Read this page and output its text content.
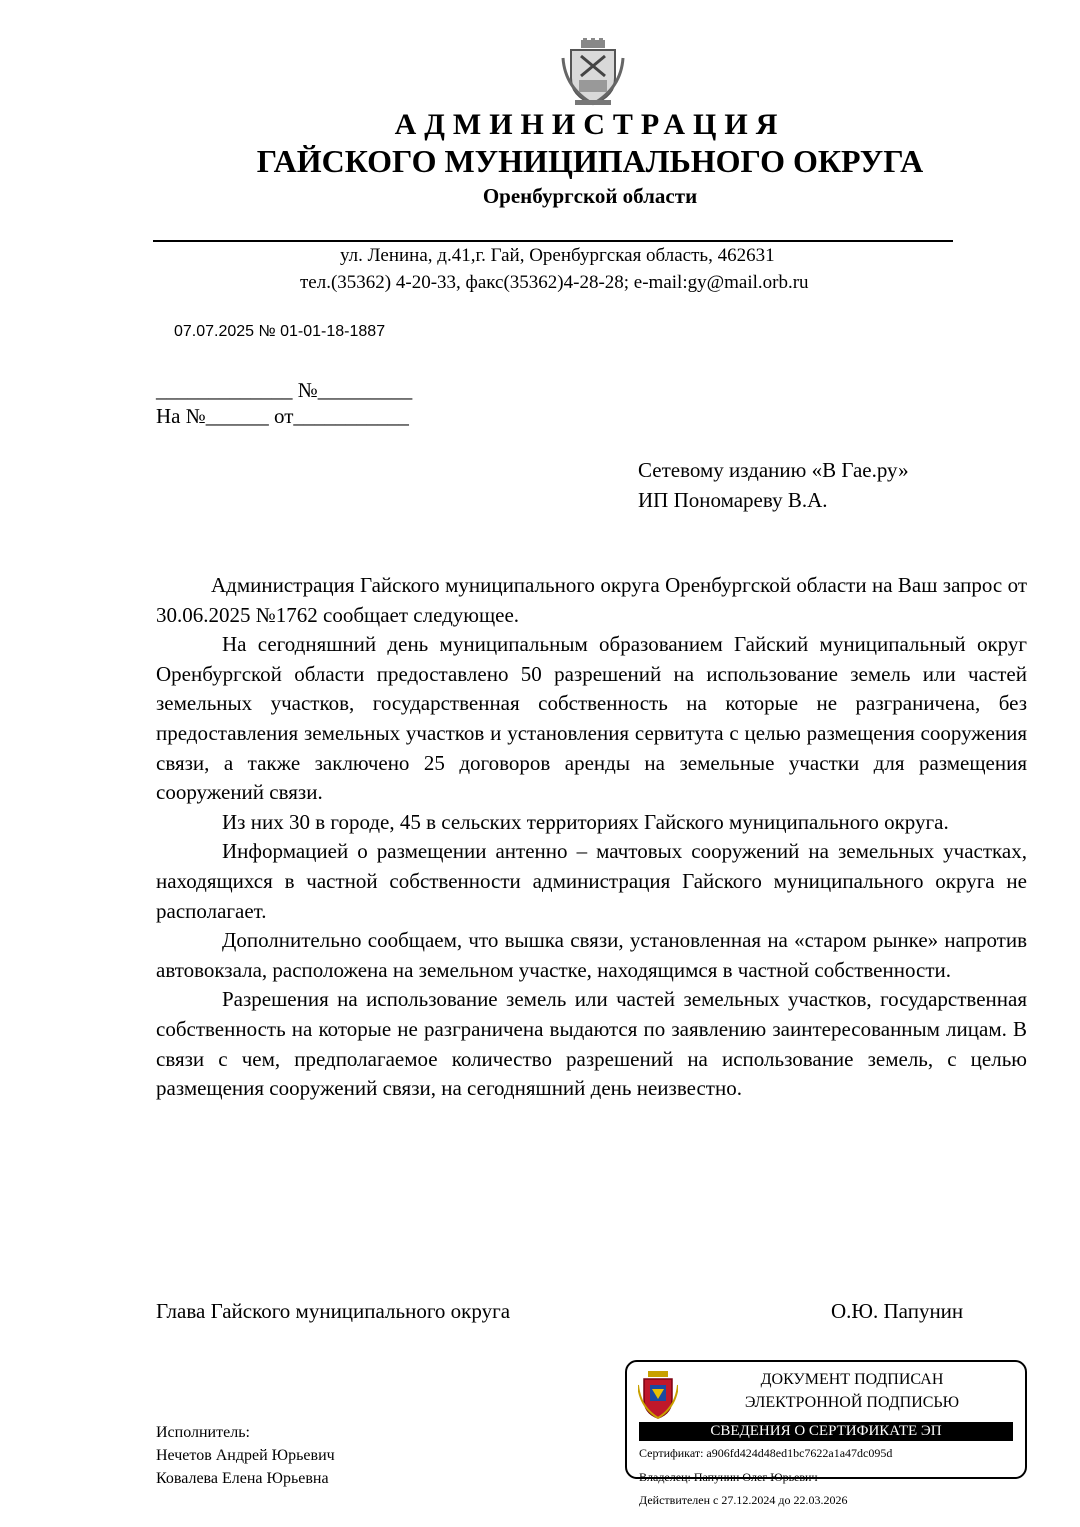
АДМИНИСТРАЦИЯ
ГАЙСКОГО МУНИЦИПАЛЬНОГО ОКРУГА
Оренбургской области
ул. Ленина, д.41,г. Гай, Оренбургская область, 462631
тел.(35362) 4-20-33, факс(35362)4-28-28; e-mail:gy@mail.orb.ru
07.07.2025 № 01-01-18-1887
_____________ №_________
На №______ от___________
Сетевому изданию «В Гае.ру»
ИП Пономареву В.А.

Администрация Гайского муниципального округа Оренбургской области на Ваш запрос от 30.06.2025 №1762 сообщает следующее.

На сегодняшний день муниципальным образованием Гайский муниципальный округ Оренбургской области предоставлено 50 разрешений на использование земель или частей земельных участков, государственная собственность на которые не разграничена, без предоставления земельных участков и установления сервитута с целью размещения сооружения связи, а также заключено 25 договоров аренды на земельные участки для размещения сооружений связи.

Из них 30 в городе, 45 в сельских территориях Гайского муниципального округа.

Информацией о размещении антенно – мачтовых сооружений на земельных участках, находящихся в частной собственности администрация Гайского муниципального округа не располагает.

Дополнительно сообщаем, что вышка связи, установленная на «старом рынке» напротив автовокзала, расположена на земельном участке, находящимся в частной собственности.

Разрешения на использование земель или частей земельных участков, государственная собственность на которые не разграничена выдаются по заявлению заинтересованным лицам. В связи с чем, предполагаемое количество разрешений на использование земель, с целью размещения сооружений связи, на сегодняшний день неизвестно.

Глава Гайского муниципального округа	О.Ю. Папунин
Исполнитель:
Нечетов Андрей Юрьевич
Ковалева Елена Юрьевна
ДОКУМЕНТ ПОДПИСАН
ЭЛЕКТРОННОЙ ПОДПИСЬЮ
СВЕДЕНИЯ О СЕРТИФИКАТЕ ЭП
Сертификат: a906fd424d48ed1bc7622a1a47dc095d
Владелец: Папунин Олег Юрьевич
Действителен с 27.12.2024 до 22.03.2026
